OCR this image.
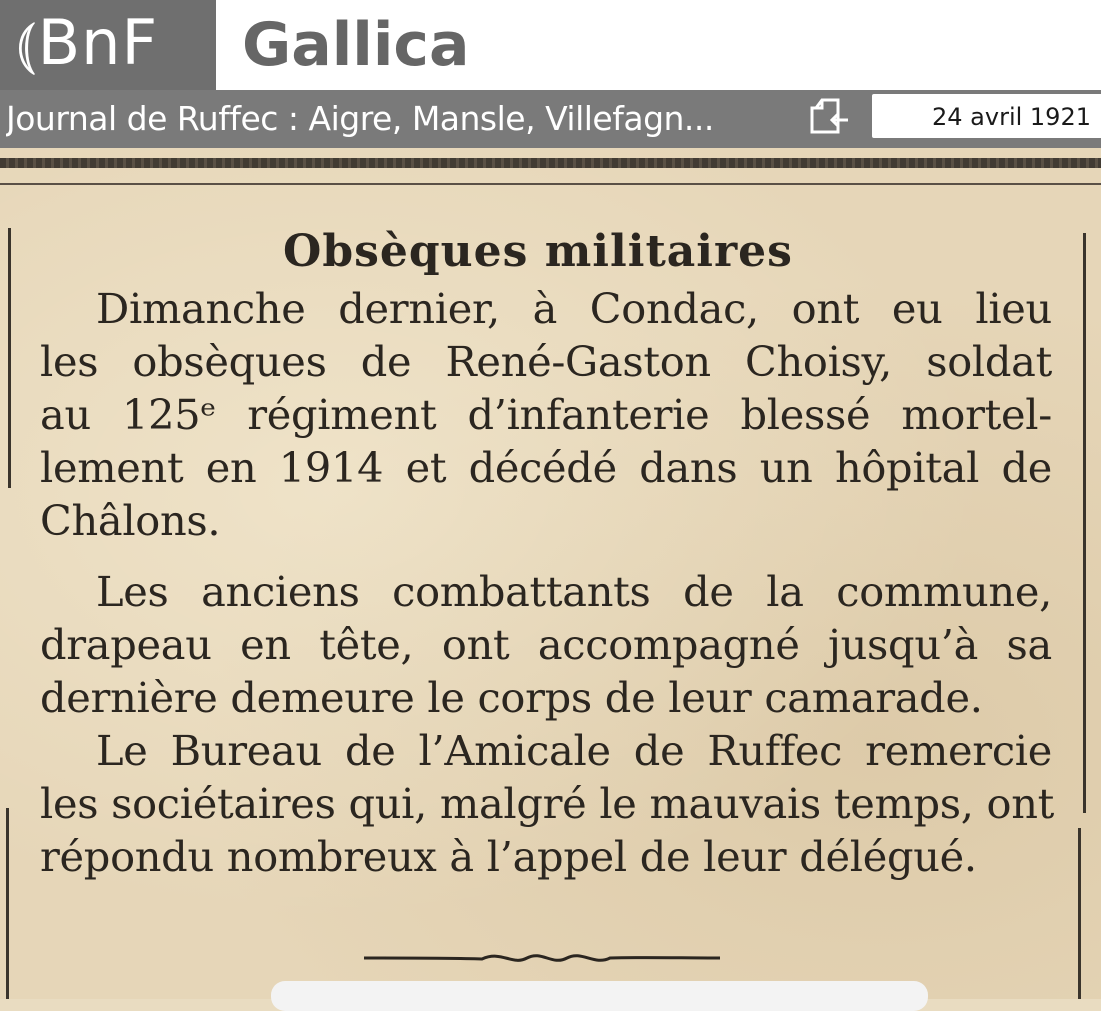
⦅BnF	Gallica
Journal de Ruffec : Aigre, Mansle, Villefagn...	24 avril 1921
Obsèques militaires

Dimanche dernier, à Condac, ont eu lieu
les obsèques de René-Gaston Choisy, soldat
au 125ᵉ régiment d’infanterie blessé mortel-
lement en 1914 et décédé dans un hôpital de
Châlons.

Les anciens combattants de la commune,
drapeau en tête, ont accompagné jusqu’à sa
dernière demeure le corps de leur camarade.

Le Bureau de l’Amicale de Ruffec remercie
les sociétaires qui, malgré le mauvais temps, ont
répondu nombreux à l’appel de leur délégué.
